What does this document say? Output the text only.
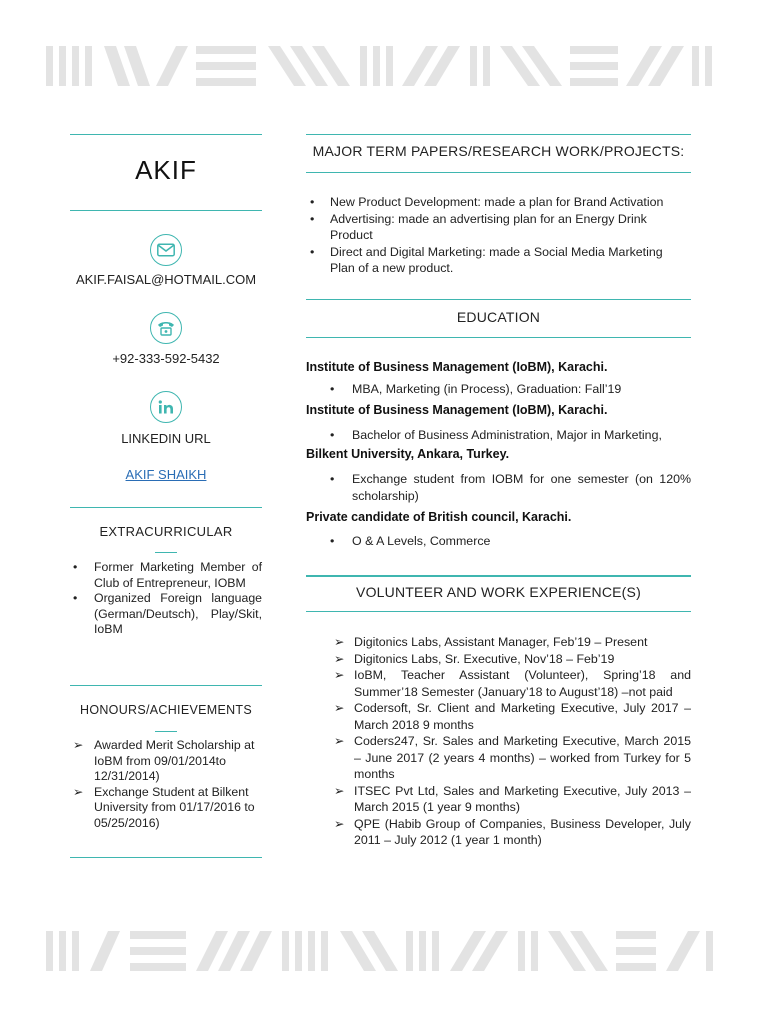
AKIF
AKIF.FAISAL@HOTMAIL.COM
+92-333-592-5432
LINKEDIN URL
AKIF SHAIKH
EXTRACURRICULAR
• Former Marketing Member of Club of Entrepreneur, IOBM
• Organized Foreign language (German/Deutsch), Play/Skit, IoBM
HONOURS/ACHIEVEMENTS
➢ Awarded Merit Scholarship at IoBM from 09/01/2014to 12/31/2014)
➢ Exchange Student at Bilkent University from 01/17/2016 to 05/25/2016)
MAJOR TERM PAPERS/RESEARCH WORK/PROJECTS:
• New Product Development: made a plan for Brand Activation
• Advertising: made an advertising plan for an Energy Drink Product
• Direct and Digital Marketing: made a Social Media Marketing Plan of a new product.
EDUCATION
Institute of Business Management (IoBM), Karachi.
• MBA, Marketing (in Process), Graduation: Fall’19
Institute of Business Management (IoBM), Karachi.
• Bachelor of Business Administration, Major in Marketing,
Bilkent University, Ankara, Turkey.
• Exchange student from IOBM for one semester (on 120% scholarship)
Private candidate of British council, Karachi.
• O & A Levels, Commerce
VOLUNTEER AND WORK EXPERIENCE(S)
➢ Digitonics Labs, Assistant Manager, Feb’19 – Present
➢ Digitonics Labs, Sr. Executive, Nov’18 – Feb’19
➢ IoBM, Teacher Assistant (Volunteer), Spring’18 and Summer’18 Semester (January’18 to August’18) –not paid
➢ Codersoft, Sr. Client and Marketing Executive, July 2017 – March 2018 9 months
➢ Coders247, Sr. Sales and Marketing Executive, March 2015 – June 2017 (2 years 4 months) – worked from Turkey for 5 months
➢ ITSEC Pvt Ltd, Sales and Marketing Executive, July 2013 – March 2015 (1 year 9 months)
➢ QPE (Habib Group of Companies, Business Developer, July 2011 – July 2012 (1 year 1 month)
